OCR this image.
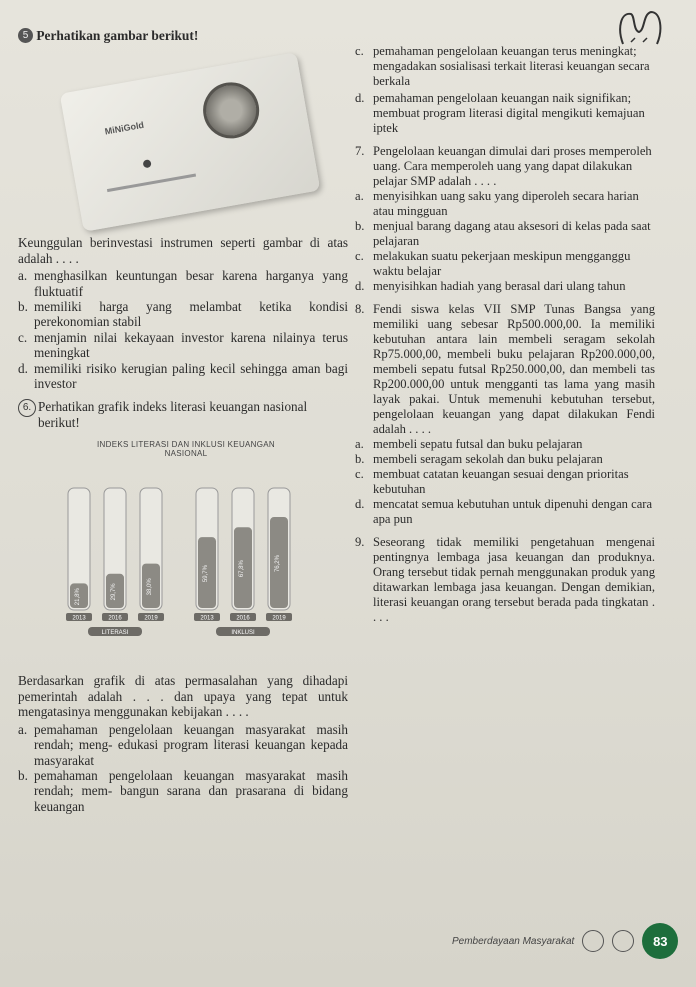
5 Perhatikan gambar berikut!
MiNiGold
Keunggulan berinvestasi instrumen seperti gambar di atas adalah . . . .
a. menghasilkan keuntungan besar karena harganya yang fluktuatif
b. memiliki harga yang melambat ketika kondisi perekonomian stabil
c. menjamin nilai kekayaan investor karena nilainya terus meningkat
d. memiliki risiko kerugian paling kecil sehingga aman bagi investor
6. Perhatikan grafik indeks literasi keuangan nasional berikut!
INDEKS LITERASI DAN INKLUSI KEUANGAN NASIONAL
21,8%
2013
29,7%
2016
38,0%
2019
LITERASI
59,7%
2013
67,8%
2016
76,2%
2019
INKLUSI
Berdasarkan grafik di atas permasalahan yang dihadapi pemerintah adalah . . . dan upaya yang tepat untuk mengatasinya menggunakan kebijakan . . . .
a. pemahaman pengelolaan keuangan masyarakat masih rendah; meng- edukasi program literasi keuangan kepada masyarakat
b. pemahaman pengelolaan keuangan masyarakat masih rendah; mem- bangun sarana dan prasarana di bidang keuangan
c. pemahaman pengelolaan keuangan terus meningkat; mengadakan sosialisasi terkait literasi keuangan secara berkala
d. pemahaman pengelolaan keuangan naik signifikan; membuat program literasi digital mengikuti kemajuan iptek
7. Pengelolaan keuangan dimulai dari proses memperoleh uang. Cara memperoleh uang yang dapat dilakukan pelajar SMP adalah . . . .
a. menyisihkan uang saku yang diperoleh secara harian atau mingguan
b. menjual barang dagang atau aksesori di kelas pada saat pelajaran
c. melakukan suatu pekerjaan meskipun mengganggu waktu belajar
d. menyisihkan hadiah yang berasal dari ulang tahun
8. Fendi siswa kelas VII SMP Tunas Bangsa yang memiliki uang sebesar Rp500.000,00. Ia memiliki kebutuhan antara lain membeli seragam sekolah Rp75.000,00, membeli buku pelajaran Rp200.000,00, membeli sepatu futsal Rp250.000,00, dan membeli tas Rp200.000,00 untuk mengganti tas lama yang masih layak pakai. Untuk memenuhi kebutuhan tersebut, pengelolaan keuangan yang dapat dilakukan Fendi adalah . . . .
a. membeli sepatu futsal dan buku pelajaran
b. membeli seragam sekolah dan buku pelajaran
c. membuat catatan keuangan sesuai dengan prioritas kebutuhan
d. mencatat semua kebutuhan untuk dipenuhi dengan cara apa pun
9. Seseorang tidak memiliki pengetahuan mengenai pentingnya lembaga jasa keuangan dan produknya. Orang tersebut tidak pernah menggunakan produk yang ditawarkan lembaga jasa keuangan. Dengan demikian, literasi keuangan orang tersebut berada pada tingkatan . . . .
Pemberdayaan Masyarakat	83
